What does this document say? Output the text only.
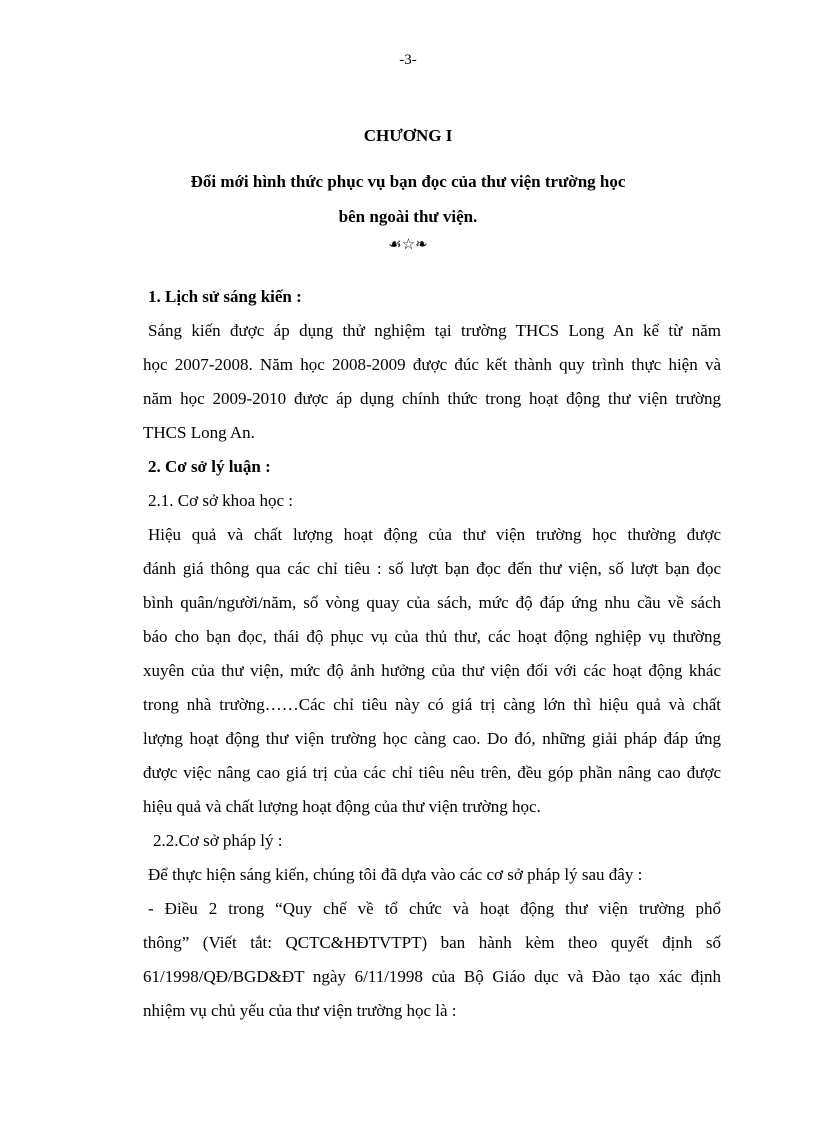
-3-
CHƯƠNG I
Đổi mới hình thức phục vụ bạn đọc của thư viện trường học
bên ngoài thư viện.
☙☆❧
1. Lịch sử sáng kiến :
Sáng kiến được áp dụng thử nghiệm tại trường THCS Long An kể từ năm
học 2007-2008. Năm học 2008-2009 được đúc kết thành quy trình thực hiện và
năm học 2009-2010 được áp dụng chính thức trong hoạt động thư viện trường
THCS Long An.
2. Cơ sở lý luận :
2.1. Cơ sở khoa học :
Hiệu quả và chất lượng hoạt động của thư viện trường học thường được
đánh giá thông qua các chỉ tiêu : số lượt bạn đọc đến thư viện, số lượt bạn đọc
bình quân/người/năm, số vòng quay của sách, mức độ đáp ứng nhu cầu về sách
báo cho bạn đọc, thái độ phục vụ của thủ thư, các hoạt động nghiệp vụ thường
xuyên của thư viện, mức độ ảnh hưởng của thư viện đối với các hoạt động khác
trong nhà trường……Các chỉ tiêu này có giá trị càng lớn thì hiệu quả và chất
lượng hoạt động thư viện trường học càng cao. Do đó, những giải pháp đáp ứng
được việc nâng cao giá trị của các chỉ tiêu nêu trên, đều góp phần nâng cao được
hiệu quả và chất lượng hoạt động của thư viện trường học.
2.2.Cơ sở pháp lý :
Để thực hiện sáng kiến, chúng tôi đã dựa vào các cơ sở pháp lý sau đây :
- Điều 2 trong “Quy chế về tổ chức và hoạt động thư viện trường phổ
thông” (Viết tắt: QCTC&HĐTVTPT) ban hành kèm theo quyết định số
61/1998/QĐ/BGD&ĐT ngày 6/11/1998 của Bộ Giáo dục và Đào tạo xác định
nhiệm vụ chủ yếu của thư viện trường học là :
